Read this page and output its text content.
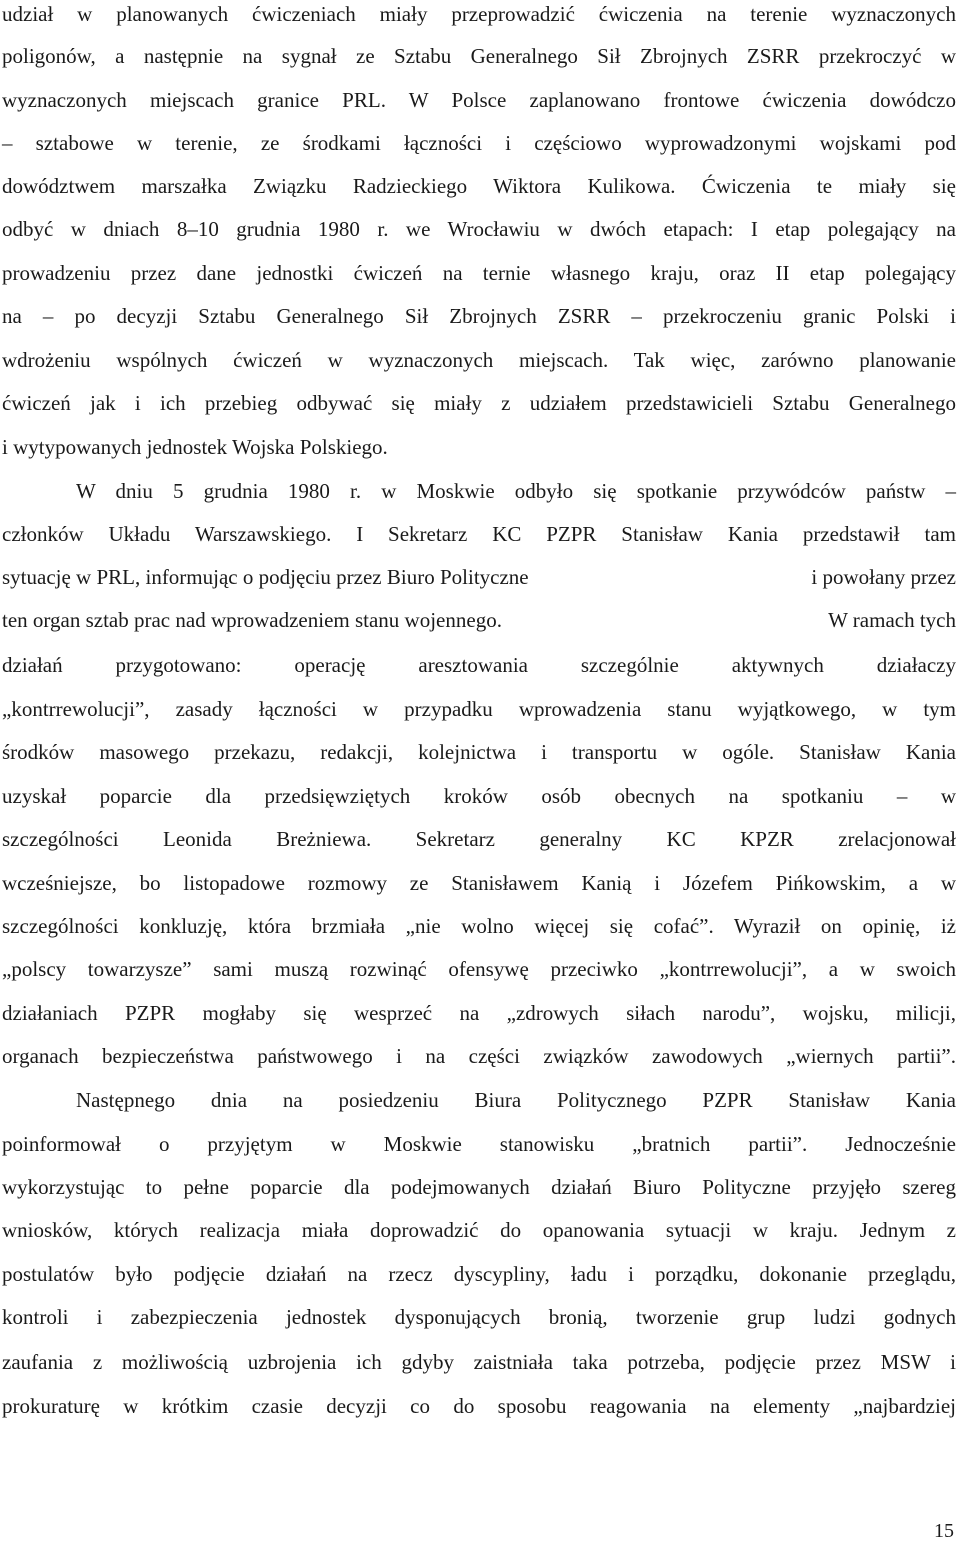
udział w planowanych ćwiczeniach miały przeprowadzić ćwiczenia na terenie wyznaczonych
poligonów, a następnie na sygnał ze Sztabu Generalnego Sił Zbrojnych ZSRR przekroczyć w
wyznaczonych miejscach granice PRL. W Polsce zaplanowano frontowe ćwiczenia dowódczo
– sztabowe w terenie, ze środkami łączności i częściowo wyprowadzonymi wojskami pod
dowództwem marszałka Związku Radzieckiego Wiktora Kulikowa. Ćwiczenia te miały się
odbyć w dniach 8–10 grudnia 1980 r. we Wrocławiu w dwóch etapach: I etap polegający na
prowadzeniu przez dane jednostki ćwiczeń na ternie własnego kraju, oraz II etap polegający
na – po decyzji Sztabu Generalnego Sił Zbrojnych ZSRR – przekroczeniu granic Polski i
wdrożeniu wspólnych ćwiczeń w wyznaczonych miejscach. Tak więc, zarówno planowanie
ćwiczeń jak i ich przebieg odbywać się miały z udziałem przedstawicieli Sztabu Generalnego
i wytypowanych jednostek Wojska Polskiego.
W dniu 5 grudnia 1980 r. w Moskwie odbyło się spotkanie przywódców państw –
członków Układu Warszawskiego. I Sekretarz KC PZPR Stanisław Kania przedstawił tam
sytuację w PRL, informując o podjęciu przez Biuro Polityczne	i powołany przez
ten organ sztab prac nad wprowadzeniem stanu wojennego.	W ramach tych
działań przygotowano: operację aresztowania szczególnie aktywnych działaczy
„kontrrewolucji”, zasady łączności w przypadku wprowadzenia stanu wyjątkowego, w tym
środków masowego przekazu, redakcji, kolejnictwa i transportu w ogóle. Stanisław Kania
uzyskał poparcie dla przedsięwziętych kroków osób obecnych na spotkaniu – w
szczególności Leonida Breżniewa. Sekretarz generalny KC KPZR zrelacjonował
wcześniejsze, bo listopadowe rozmowy ze Stanisławem Kanią i Józefem Pińkowskim, a w
szczególności konkluzję, która brzmiała „nie wolno więcej się cofać”. Wyraził on opinię, iż
„polscy towarzysze” sami muszą rozwinąć ofensywę przeciwko „kontrrewolucji”, a w swoich
działaniach PZPR mogłaby się wesprzeć na „zdrowych siłach narodu”, wojsku, milicji,
organach bezpieczeństwa państwowego i na części związków zawodowych „wiernych partii”.
Następnego dnia na posiedzeniu Biura Politycznego PZPR Stanisław Kania
poinformował o przyjętym w Moskwie stanowisku „bratnich partii”. Jednocześnie
wykorzystując to pełne poparcie dla podejmowanych działań Biuro Polityczne przyjęło szereg
wniosków, których realizacja miała doprowadzić do opanowania sytuacji w kraju. Jednym z
postulatów było podjęcie działań na rzecz dyscypliny, ładu i porządku, dokonanie przeglądu,
kontroli i zabezpieczenia jednostek dysponujących bronią, tworzenie grup ludzi godnych
zaufania z możliwością uzbrojenia ich gdyby zaistniała taka potrzeba, podjęcie przez MSW i
prokuraturę w krótkim czasie decyzji co do sposobu reagowania na elementy „najbardziej
15
